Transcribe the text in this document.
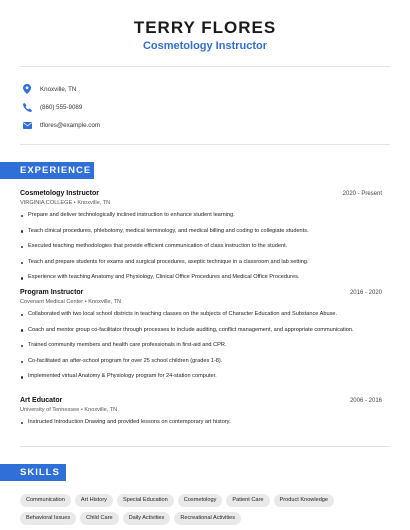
TERRY FLORES
Cosmetology Instructor
Knoxville, TN
(860) 555-9089
tflores@example.com
EXPERIENCE
Cosmetology Instructor	2020 - Present
VIRGINIA COLLEGE • Knoxville, TN
Prepare and deliver technologically inclined instruction to enhance student learning.
Teach clinical procedures, phlebotomy, medical terminology, and medical billing and coding to collegiate students.
Executed teaching methodologies that provide efficient communication of class instruction to the student.
Teach and prepare students for exams and surgical procedures, aseptic technique in a classroom and lab setting.
Experience with teaching Anatomy and Physiology, Clinical Office Procedures and Medical Office Procedures.
Program Instructor	2016 - 2020
Covenant Medical Center • Knoxville, TN
Collaborated with two local school districts in teaching classes on the subjects of Character Education and Substance Abuse.
Coach and mentor group co-facilitator through processes to include auditing, conflict management, and appropriate communication.
Trained community members and health care professionals in first-aid and CPR.
Co-facilitated an after-school program for over 25 school children (grades 1-8).
Implemented virtual Anatomy & Physiology program for 24-station computer.
Art Educator	2006 - 2016
University of Tennessee • Knoxville, TN
Instructed Introduction Drawing and provided lessons on contemporary art history.
SKILLS
Communication	Art History	Special Education	Cosmetology	Patient Care	Product Knowledge
Behavioral Issues	Child Care	Daily Activities	Recreational Activities
